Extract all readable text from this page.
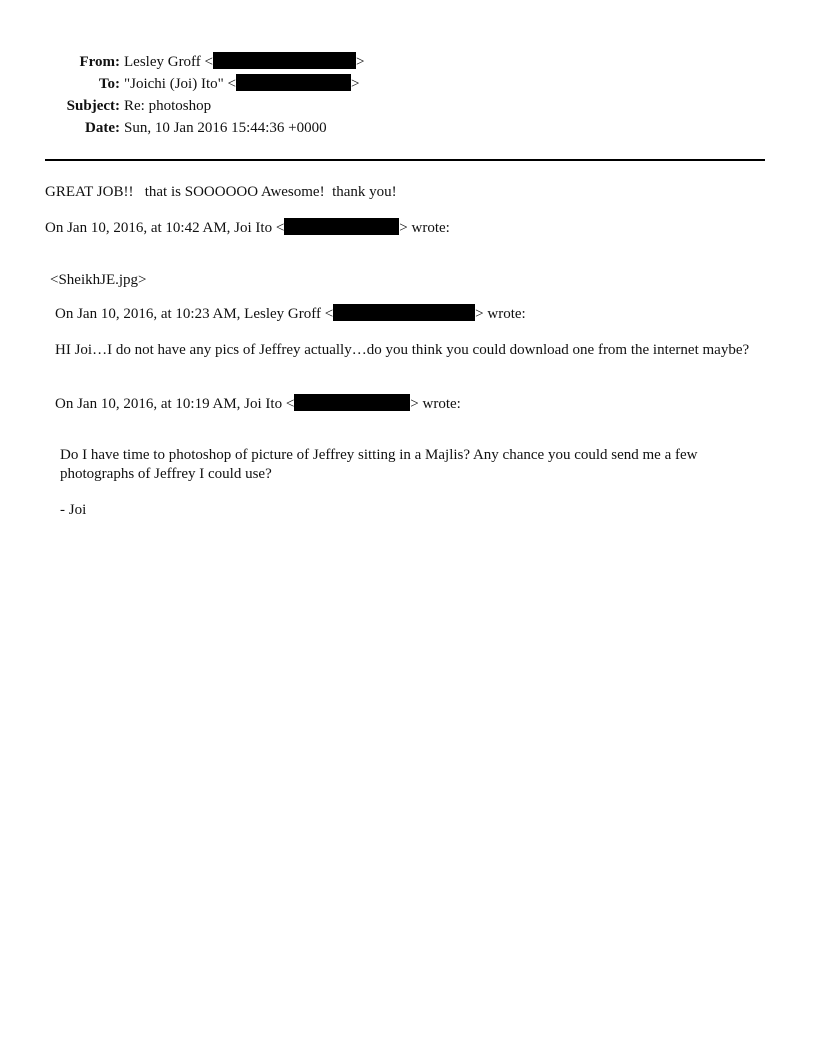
From: Lesley Groff <	>
To: "Joichi (Joi) Ito" <	>
Subject: Re: photoshop
Date: Sun, 10 Jan 2016 15:44:36 +0000
GREAT JOB!!   that is SOOOOOO Awesome!  thank you!
On Jan 10, 2016, at 10:42 AM, Joi Ito <	> wrote:
<SheikhJE.jpg>
On Jan 10, 2016, at 10:23 AM, Lesley Groff <	> wrote:
HI Joi…I do not have any pics of Jeffrey actually…do you think you could download one from the internet maybe?
On Jan 10, 2016, at 10:19 AM, Joi Ito <	> wrote:
Do I have time to photoshop of picture of Jeffrey sitting in a Majlis? Any chance you could send me a few photographs of Jeffrey I could use?
- Joi
